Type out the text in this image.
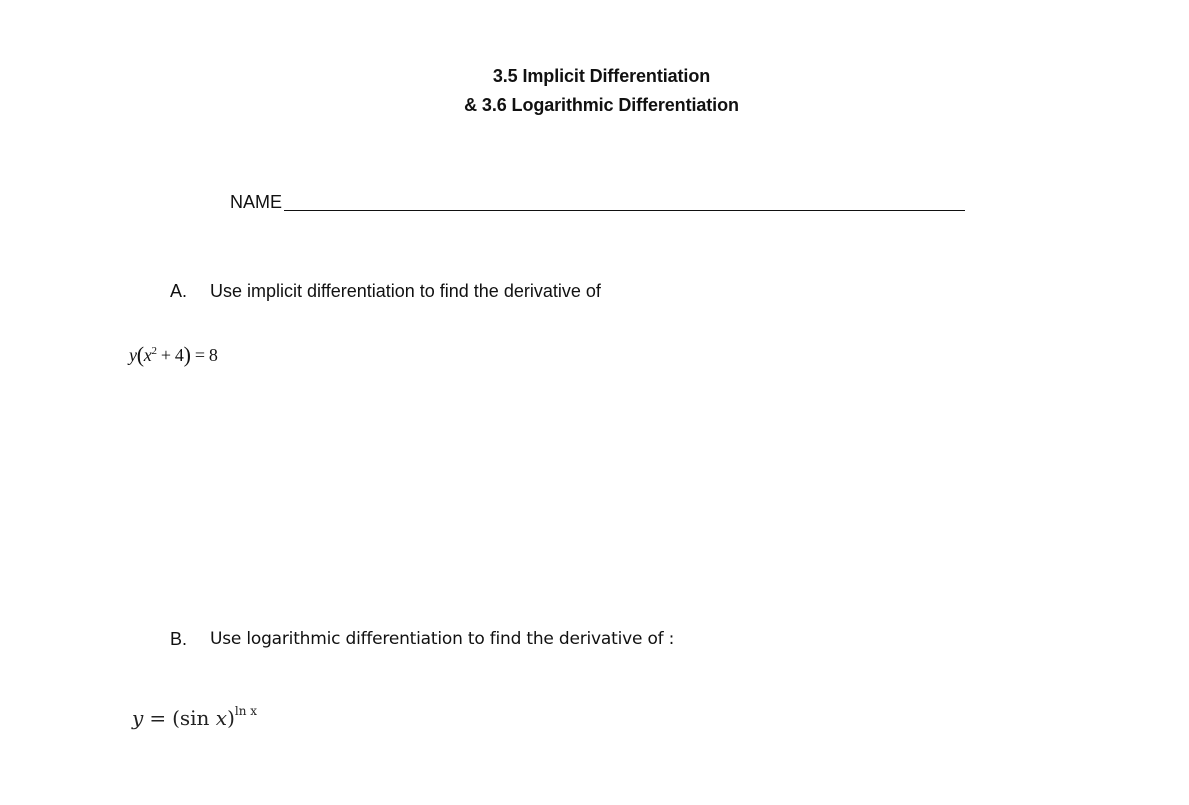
3.5 Implicit Differentiation
& 3.6 Logarithmic Differentiation
NAME
A.	Use implicit differentiation to find the derivative of
$y(x^2 + 4) = 8$
B.	Use logarithmic differentiation to find the derivative of :
y = (sin x)$^{ln x}$
